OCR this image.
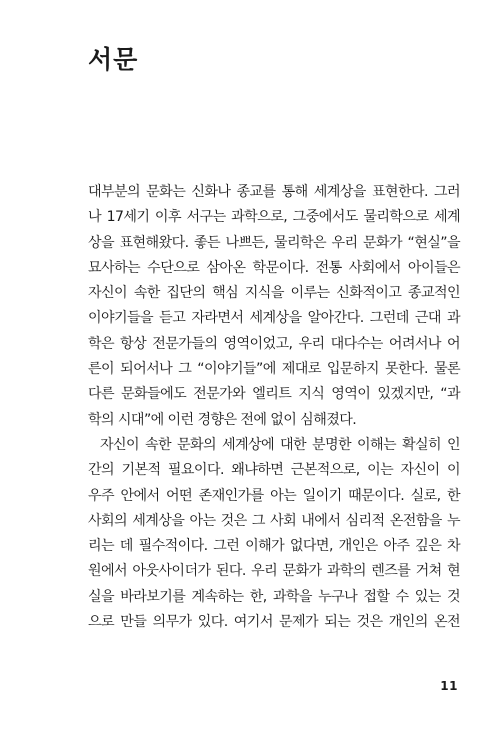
서문
대부분의 문화는 신화나 종교를 통해 세계상을 표현한다. 그러
나 17세기 이후 서구는 과학으로, 그중에서도 물리학으로 세계
상을 표현해왔다. 좋든 나쁘든, 물리학은 우리 문화가 “현실”을
묘사하는 수단으로 삼아온 학문이다. 전통 사회에서 아이들은
자신이 속한 집단의 핵심 지식을 이루는 신화적이고 종교적인
이야기들을 듣고 자라면서 세계상을 알아간다. 그런데 근대 과
학은 항상 전문가들의 영역이었고, 우리 대다수는 어려서나 어
른이 되어서나 그 “이야기들”에 제대로 입문하지 못한다. 물론
다른 문화들에도 전문가와 엘리트 지식 영역이 있겠지만, “과
학의 시대”에 이런 경향은 전에 없이 심해졌다.
자신이 속한 문화의 세계상에 대한 분명한 이해는 확실히 인
간의 기본적 필요이다. 왜냐하면 근본적으로, 이는 자신이 이
우주 안에서 어떤 존재인가를 아는 일이기 때문이다. 실로, 한
사회의 세계상을 아는 것은 그 사회 내에서 심리적 온전함을 누
리는 데 필수적이다. 그런 이해가 없다면, 개인은 아주 깊은 차
원에서 아웃사이더가 된다. 우리 문화가 과학의 렌즈를 거쳐 현
실을 바라보기를 계속하는 한, 과학을 누구나 접할 수 있는 것
으로 만들 의무가 있다. 여기서 문제가 되는 것은 개인의 온전
11
